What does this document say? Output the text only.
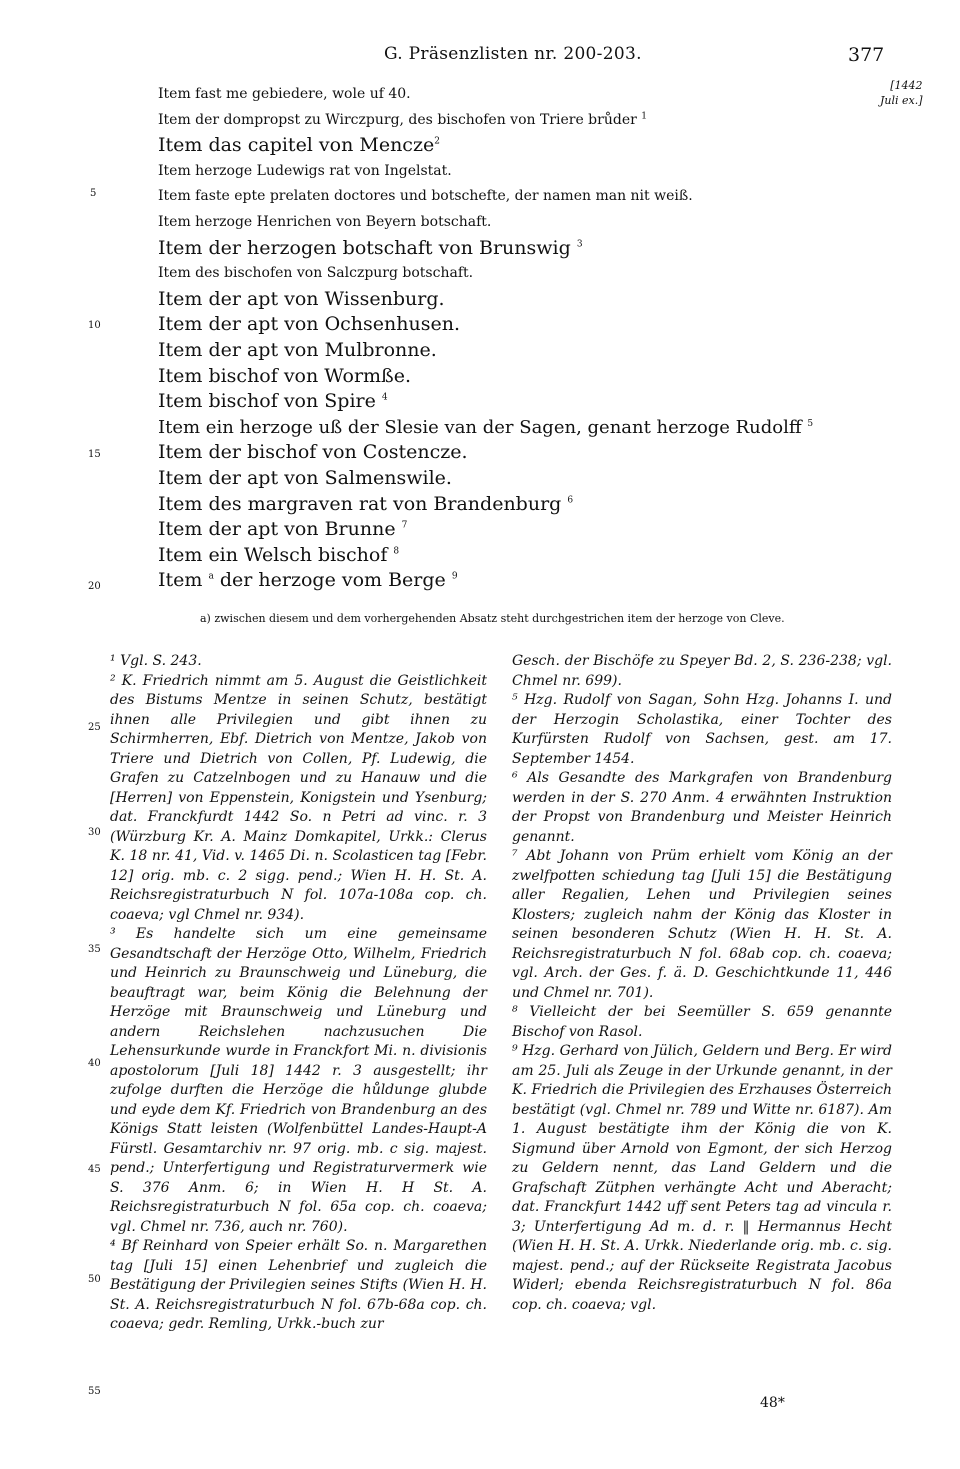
G. Präsenzlisten nr. 200-203.	377
[1442
Juli ex.]
5
10
15
20
Item fast me gebiedere, wole uf 40.
Item der dompropst zu Wirczpurg, des bischofen von Triere brůder $^1$
Item das capitel von Mencze$^2$
Item herzoge Ludewigs rat von Ingelstat.
Item faste epte prelaten doctores und botschefte, der namen man nit weiß.
Item herzoge Henrichen von Beyern botschaft.
Item der herzogen botschaft von Brunswig $^3$
Item des bischofen von Salczpurg botschaft.
Item der apt von Wissenburg.
Item der apt von Ochsenhusen.
Item der apt von Mulbronne.
Item bischof von Wormße.
Item bischof von Spire $^4$
Item ein herzoge uß der Slesie van der Sagen, genant herzoge Rudolff $^5$
Item der bischof von Costencze.
Item der apt von Salmenswile.
Item des margraven rat von Brandenburg $^6$
Item der apt von Brunne $^7$
Item ein Welsch bischof $^8$
Item $^a$ der herzoge vom Berge $^9$
a) zwischen diesem und dem vorhergehenden Absatz steht durchgestrichen item der herzoge von Cleve.
25
30
35
40
45
50
55

¹ Vgl. S. 243.

² K. Friedrich nimmt am 5. August die Geistlichkeit des Bistums Mentze in seinen Schutz, bestätigt ihnen alle Privilegien und gibt ihnen zu Schirmherren, Ebf. Dietrich von Mentze, Jakob von Triere und Dietrich von Collen, Pf. Ludewig, die Grafen zu Catzelnbogen und zu Hanauw und die [Herren] von Eppenstein, Konigstein und Ysenburg; dat. Franckfurdt 1442 So. n Petri ad vinc. r. 3 (Würzburg Kr. A. Mainz Domkapitel, Urkk.: Clerus K. 18 nr. 41, Vid. v. 1465 Di. n. Scolasticen tag [Febr. 12] orig. mb. c. 2 sigg. pend.; Wien H. H. St. A. Reichsregistraturbuch N fol. 107a-108a cop. ch. coaeva; vgl Chmel nr. 934).

³ Es handelte sich um eine gemeinsame Gesandtschaft der Herzöge Otto, Wilhelm, Friedrich und Heinrich zu Braunschweig und Lüneburg, die beauftragt war, beim König die Belehnung der Herzöge mit Braunschweig und Lüneburg und andern Reichslehen nachzusuchen Die Lehensurkunde wurde in Franckfort Mi. n. divisionis apostolorum [Juli 18] 1442 r. 3 ausgestellt; ihr zufolge durften die Herzöge die hůldunge glubde und eyde dem Kf. Friedrich von Brandenburg an des Königs Statt leisten (Wolfenbüttel Landes-Haupt-A Fürstl. Gesamtarchiv nr. 97 orig. mb. c sig. majest. pend.; Unterfertigung und Registraturvermerk wie S. 376 Anm. 6; in Wien H. H St. A. Reichsregistraturbuch N fol. 65a cop. ch. coaeva; vgl. Chmel nr. 736, auch nr. 760).

⁴ Bf Reinhard von Speier erhält So. n. Margarethen tag [Juli 15] einen Lehenbrief und zugleich die Bestätigung der Privilegien seines Stifts (Wien H. H. St. A. Reichsregistraturbuch N fol. 67b-68a cop. ch. coaeva; gedr. Remling, Urkk.-buch zur

Gesch. der Bischöfe zu Speyer Bd. 2, S. 236-238; vgl. Chmel nr. 699).

⁵ Hzg. Rudolf von Sagan, Sohn Hzg. Johanns I. und der Herzogin Scholastika, einer Tochter des Kurfürsten Rudolf von Sachsen, gest. am 17. September 1454.

⁶ Als Gesandte des Markgrafen von Brandenburg werden in der S. 270 Anm. 4 erwähnten Instruktion der Propst von Brandenburg und Meister Heinrich genannt.

⁷ Abt Johann von Prüm erhielt vom König an der zwelfpotten schiedung tag [Juli 15] die Bestätigung aller Regalien, Lehen und Privilegien seines Klosters; zugleich nahm der König das Kloster in seinen besonderen Schutz (Wien H. H. St. A. Reichsregistraturbuch N fol. 68ab cop. ch. coaeva; vgl. Arch. der Ges. f. ä. D. Geschichtkunde 11, 446 und Chmel nr. 701).

⁸ Vielleicht der bei Seemüller S. 659 genannte Bischof von Rasol.

⁹ Hzg. Gerhard von Jülich, Geldern und Berg. Er wird am 25. Juli als Zeuge in der Urkunde genannt, in der K. Friedrich die Privilegien des Erzhauses Österreich bestätigt (vgl. Chmel nr. 789 und Witte nr. 6187). Am 1. August bestätigte ihm der König die von K. Sigmund über Arnold von Egmont, der sich Herzog zu Geldern nennt, das Land Geldern und die Grafschaft Zütphen verhängte Acht und Aberacht; dat. Franckfurt 1442 uff sent Peters tag ad vincula r. 3; Unterfertigung Ad m. d. r. ‖ Hermannus Hecht (Wien H. H. St. A. Urkk. Niederlande orig. mb. c. sig. majest. pend.; auf der Rückseite Registrata Jacobus Widerl; ebenda Reichsregistraturbuch N fol. 86a cop. ch. coaeva; vgl.

48*
